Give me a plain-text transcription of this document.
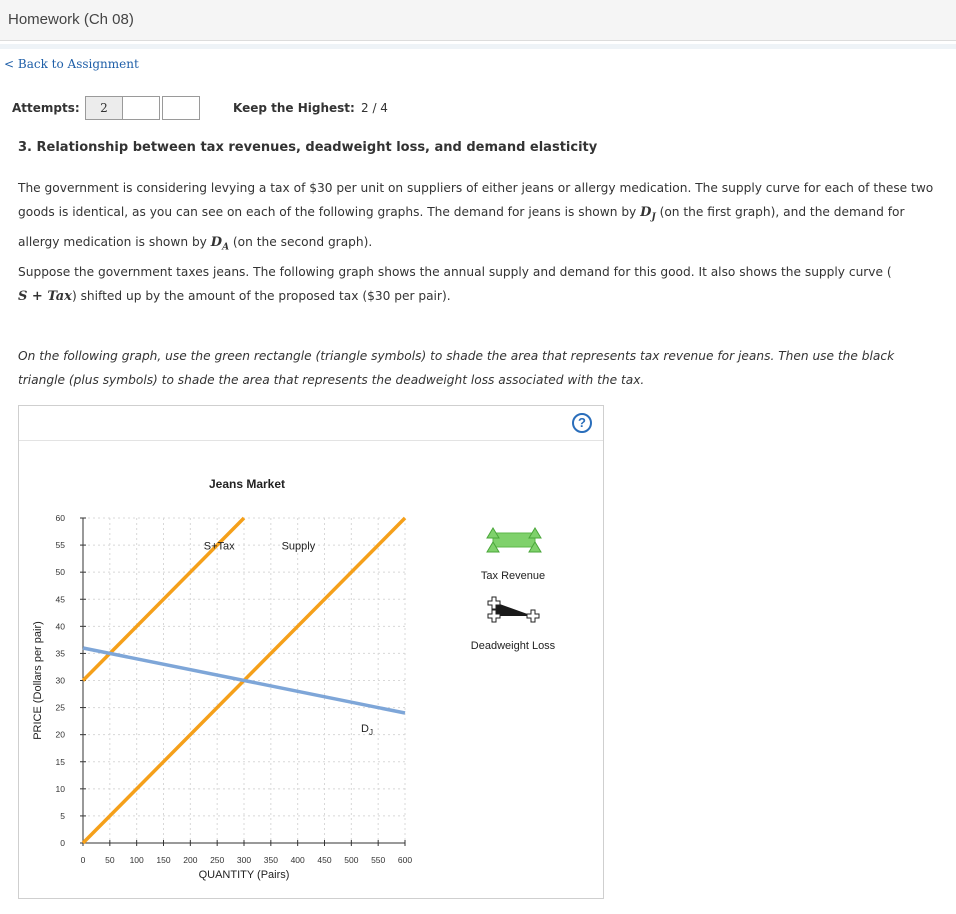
Homework (Ch 08)
< Back to Assignment
Attempts:	2	Keep the Highest: 2 / 4
3. Relationship between tax revenues, deadweight loss, and demand elasticity
The government is considering levying a tax of $30 per unit on suppliers of either jeans or allergy medication. The supply curve for each of these two goods is identical, as you can see on each of the following graphs. The demand for jeans is shown by $D_J$ (on the first graph), and the demand for allergy medication is shown by $D_A$ (on the second graph).
Suppose the government taxes jeans. The following graph shows the annual supply and demand for this good. It also shows the supply curve (
S + Tax) shifted up by the amount of the proposed tax ($30 per pair).
On the following graph, use the green rectangle (triangle symbols) to shade the area that represents tax revenue for jeans. Then use the black triangle (plus symbols) to shade the area that represents the deadweight loss associated with the tax.
?
Jeans Market
0
5
10
15
20
25
30
35
40
45
50
55
60
0 50 100 150 200 250 300 350 400 450 500 550 600
QUANTITY (Pairs)
PRICE (Dollars per pair)
S+Tax	Supply
$D_J$
Tax Revenue
Deadweight Loss
